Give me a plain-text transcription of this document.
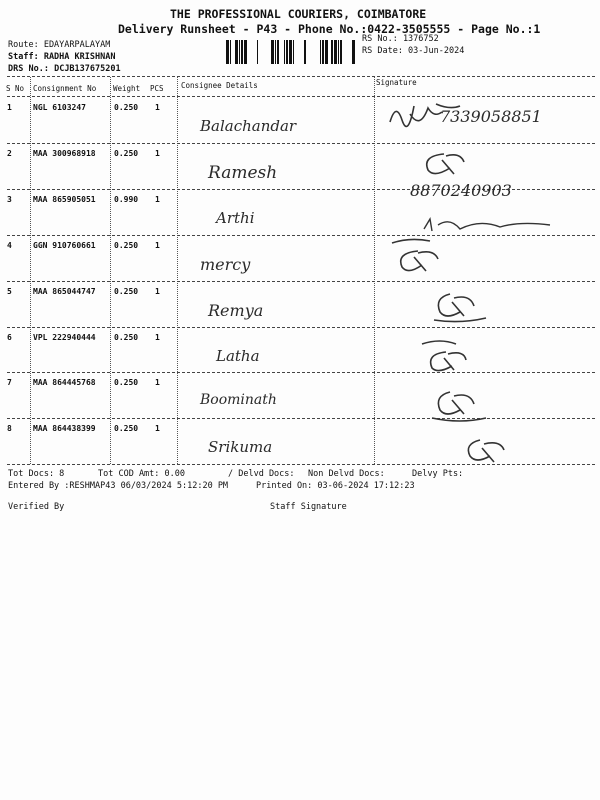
THE PROFESSIONAL COURIERS, COIMBATORE
Delivery Runsheet - P43 - Phone No.:0422-3505555 - Page No.:1
Route: EDAYARPALAYAM
Staff: RADHA KRISHNAN
DRS No.: DCJB137675201
RS No.: 1376752
RS Date: 03-Jun-2024
S No Consignment No Weight PCS Consignee Details	Signature
1	NGL 6103247	0.250 1
Balachandar	7339058851
2	MAA 300968918 0.250 1
Ramesh
3	MAA 865905051 0.990 1
Arthi
8870240903
4	GGN 910760661 0.250 1
mercy
5	MAA 865044747 0.250 1
Remya
6	VPL 222940444 0.250 1
Latha
7	MAA 864445768 0.250 1
Boominath
8	MAA 864438399 0.250 1
Srikuma
Tot Docs: 8	Tot COD Amt: 0.00	/ Delvd Docs: Non Delvd Docs:	Delvy Pts:
Entered By :RESHMAP43 06/03/2024 5:12:20 PM	Printed On: 03-06-2024 17:12:23
Verified By	Staff Signature
